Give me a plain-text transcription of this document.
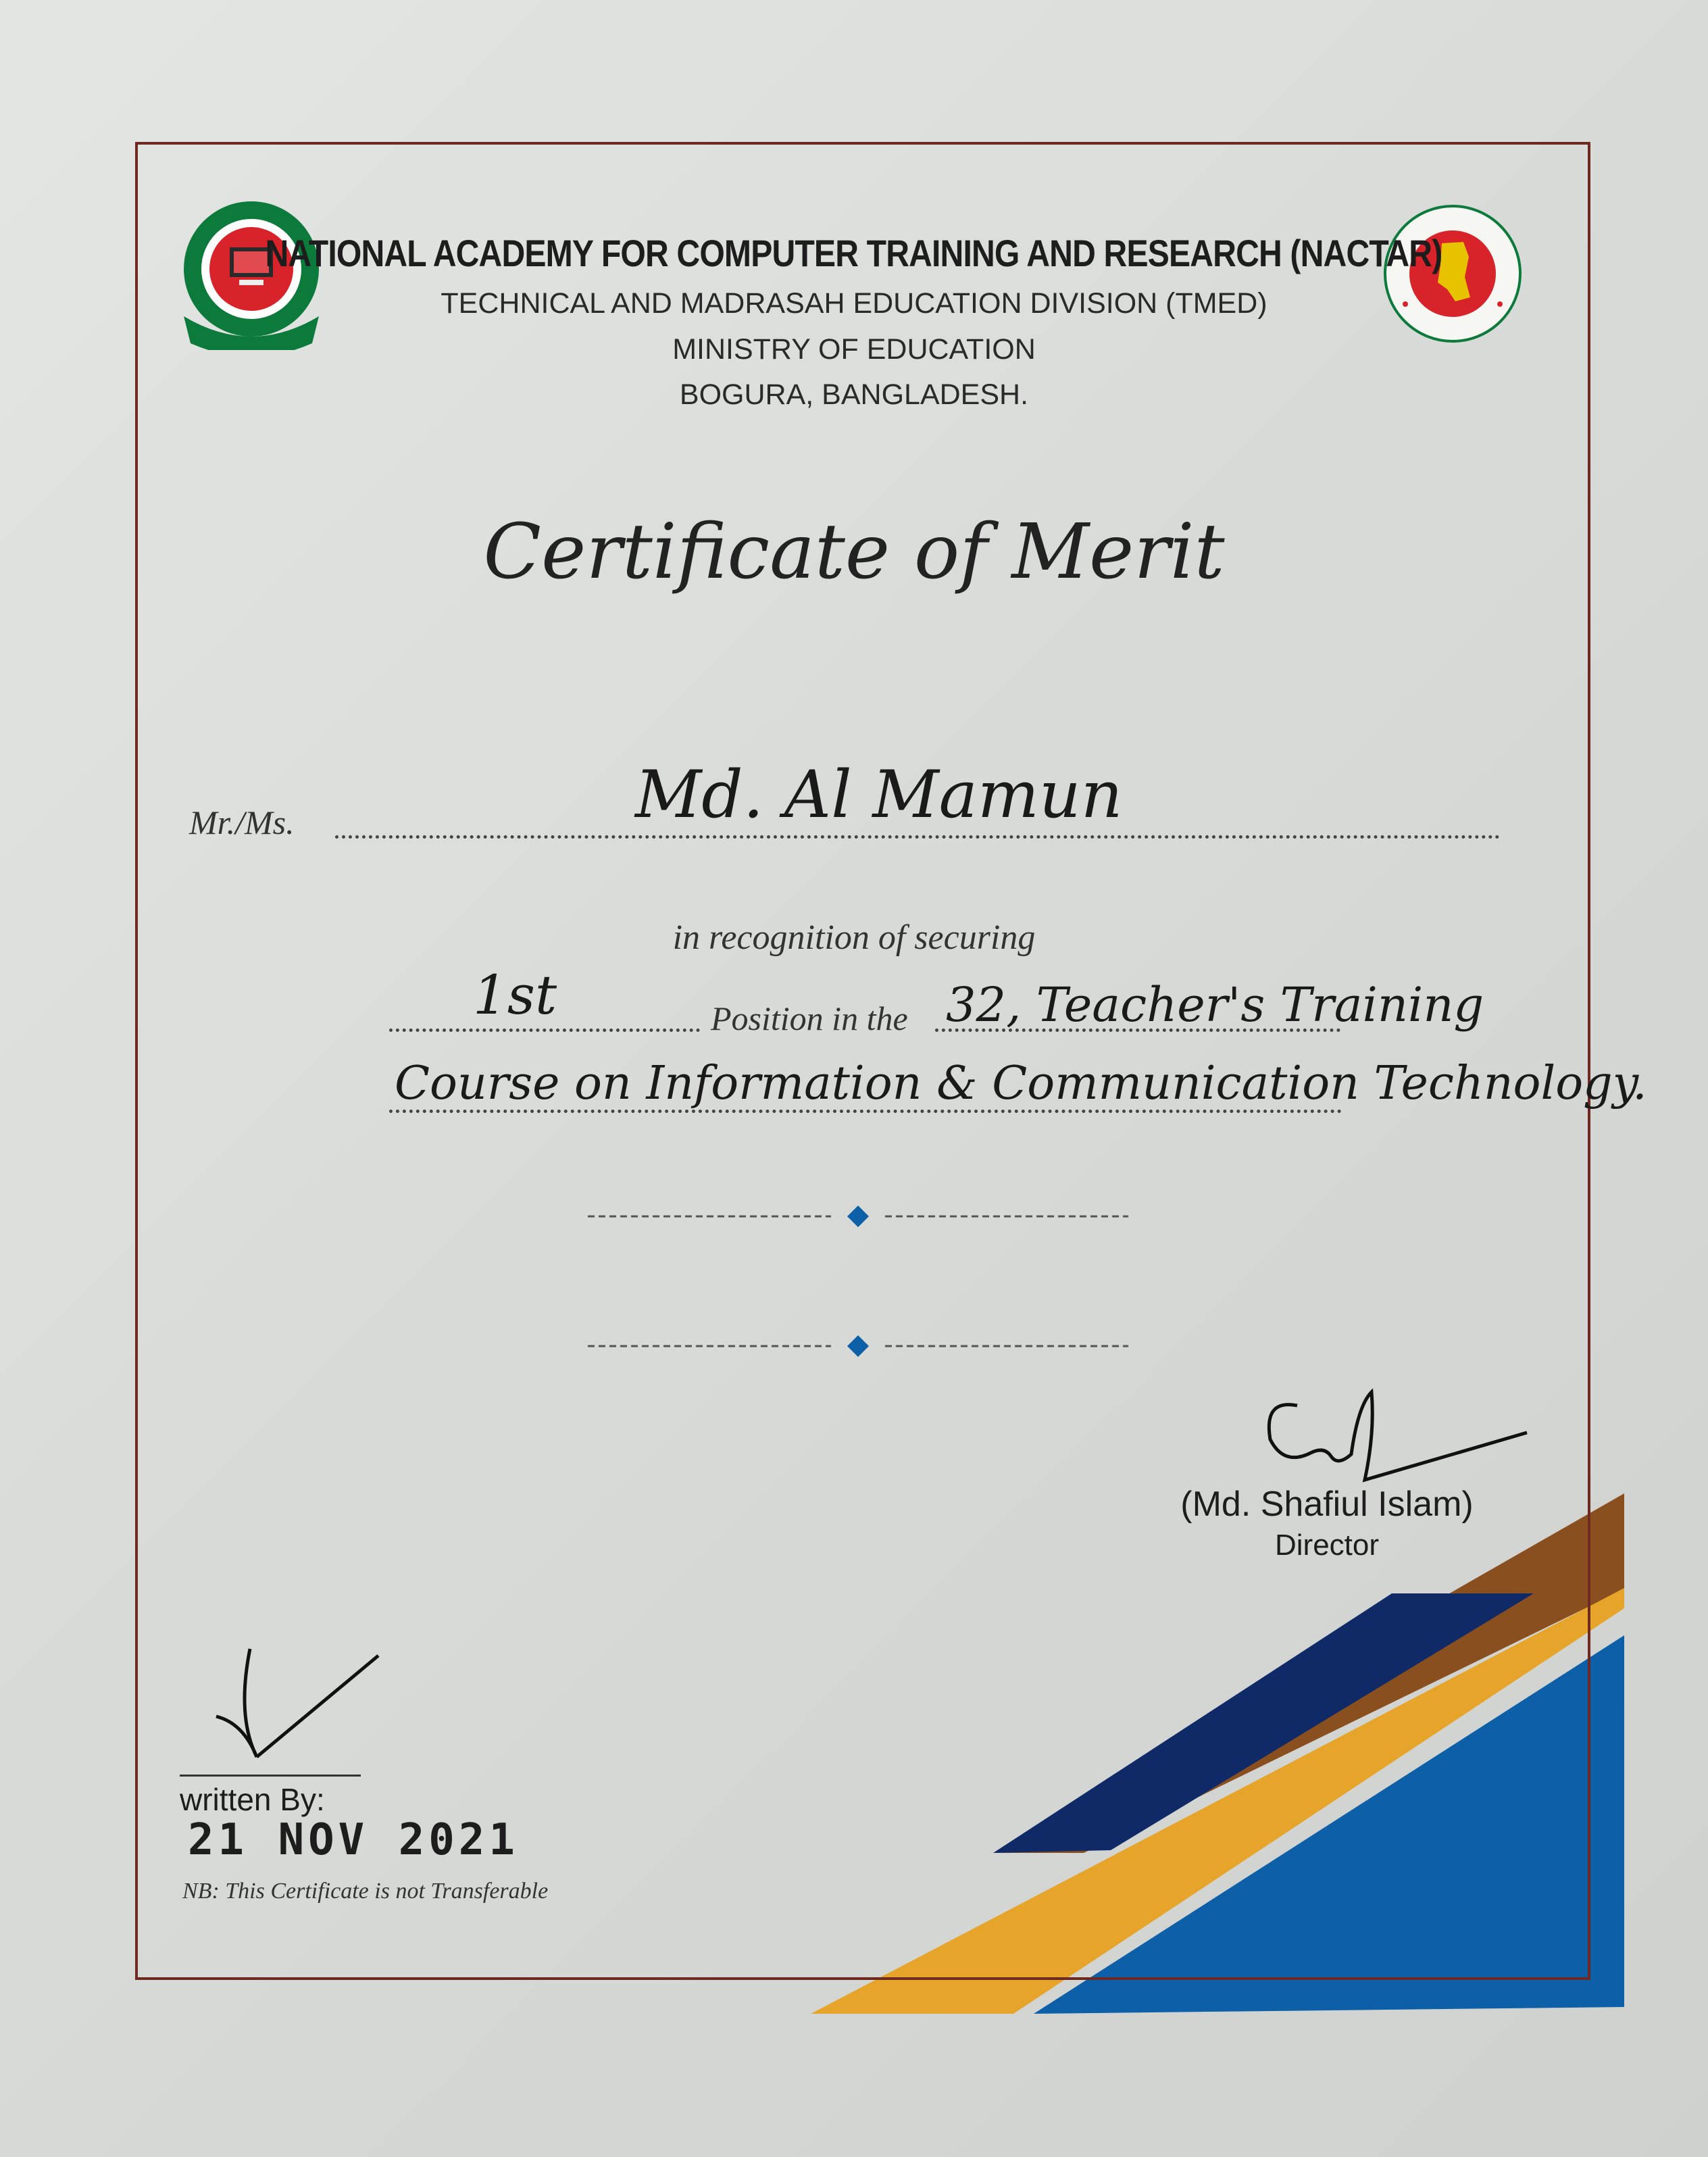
NATIONAL ACADEMY FOR COMPUTER TRAINING AND RESEARCH (NACTAR)
TECHNICAL AND MADRASAH EDUCATION DIVISION (TMED)
MINISTRY OF EDUCATION
BOGURA, BANGLADESH.
Certificate of Merit
Mr./Ms.	Md. Al Mamun
in recognition of securing
1st	Position in the 32, Teacher's Training
Course on Information & Communication Technology.
(Md. Shafiul Islam)
Director
written By:
21 NOV 2021
NB: This Certificate is not Transferable
